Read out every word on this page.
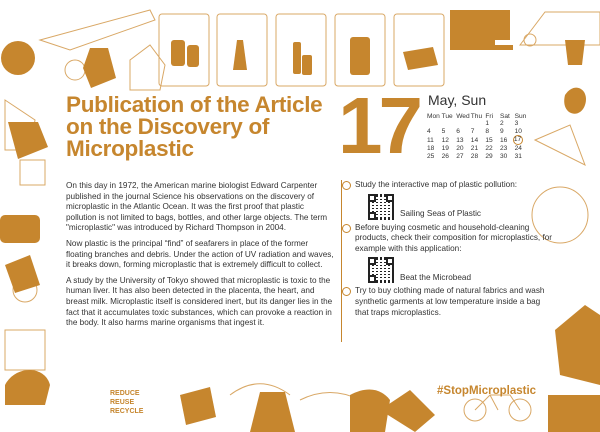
REDUCE
REUSE
RECYCLE
Publication of the Article on the Discovery of Microplastic	17 May, Sun
Mon	Tue	Wed	Thu	Fri	Sat	Sun
				1	2	3
4	5	6	7	8	9	10
11	12	13	14	15	16	17
18	19	20	21	22	23	24
25	26	27	28	29	30	31

On this day in 1972, the American marine biologist Edward Carpenter published in the journal Science his observations on the discovery of microplastic in the Atlantic Ocean. It was the first proof that plastic pollution is not limited to bags, bottles, and other large objects. The term "microplastic" was introduced by Richard Thompson in 2004.

Now plastic is the principal “find” of seafarers in place of the former floating branches and debris. Under the action of UV radiation and waves, it breaks down, forming microplastic that is extremely difficult to collect.

A study by the University of Tokyo showed that microplastic is toxic to the human liver. It has also been detected in the placenta, the heart, and breast milk. Microplastic itself is considered inert, but its danger lies in the fact that it accumulates toxic substances, which can provoke a reaction in the body. It also harms marine organisms that ingest it.

Study the interactive map of plastic pollution:
Sailing Seas of Plastic
Before buying cosmetic and household-cleaning products, check their composition for microplastics, for example with this application:
Beat the Microbead
Try to buy clothing made of natural fabrics and wash synthetic garments at low temperature inside a bag that traps microplastics.
#StopMicroplastic
